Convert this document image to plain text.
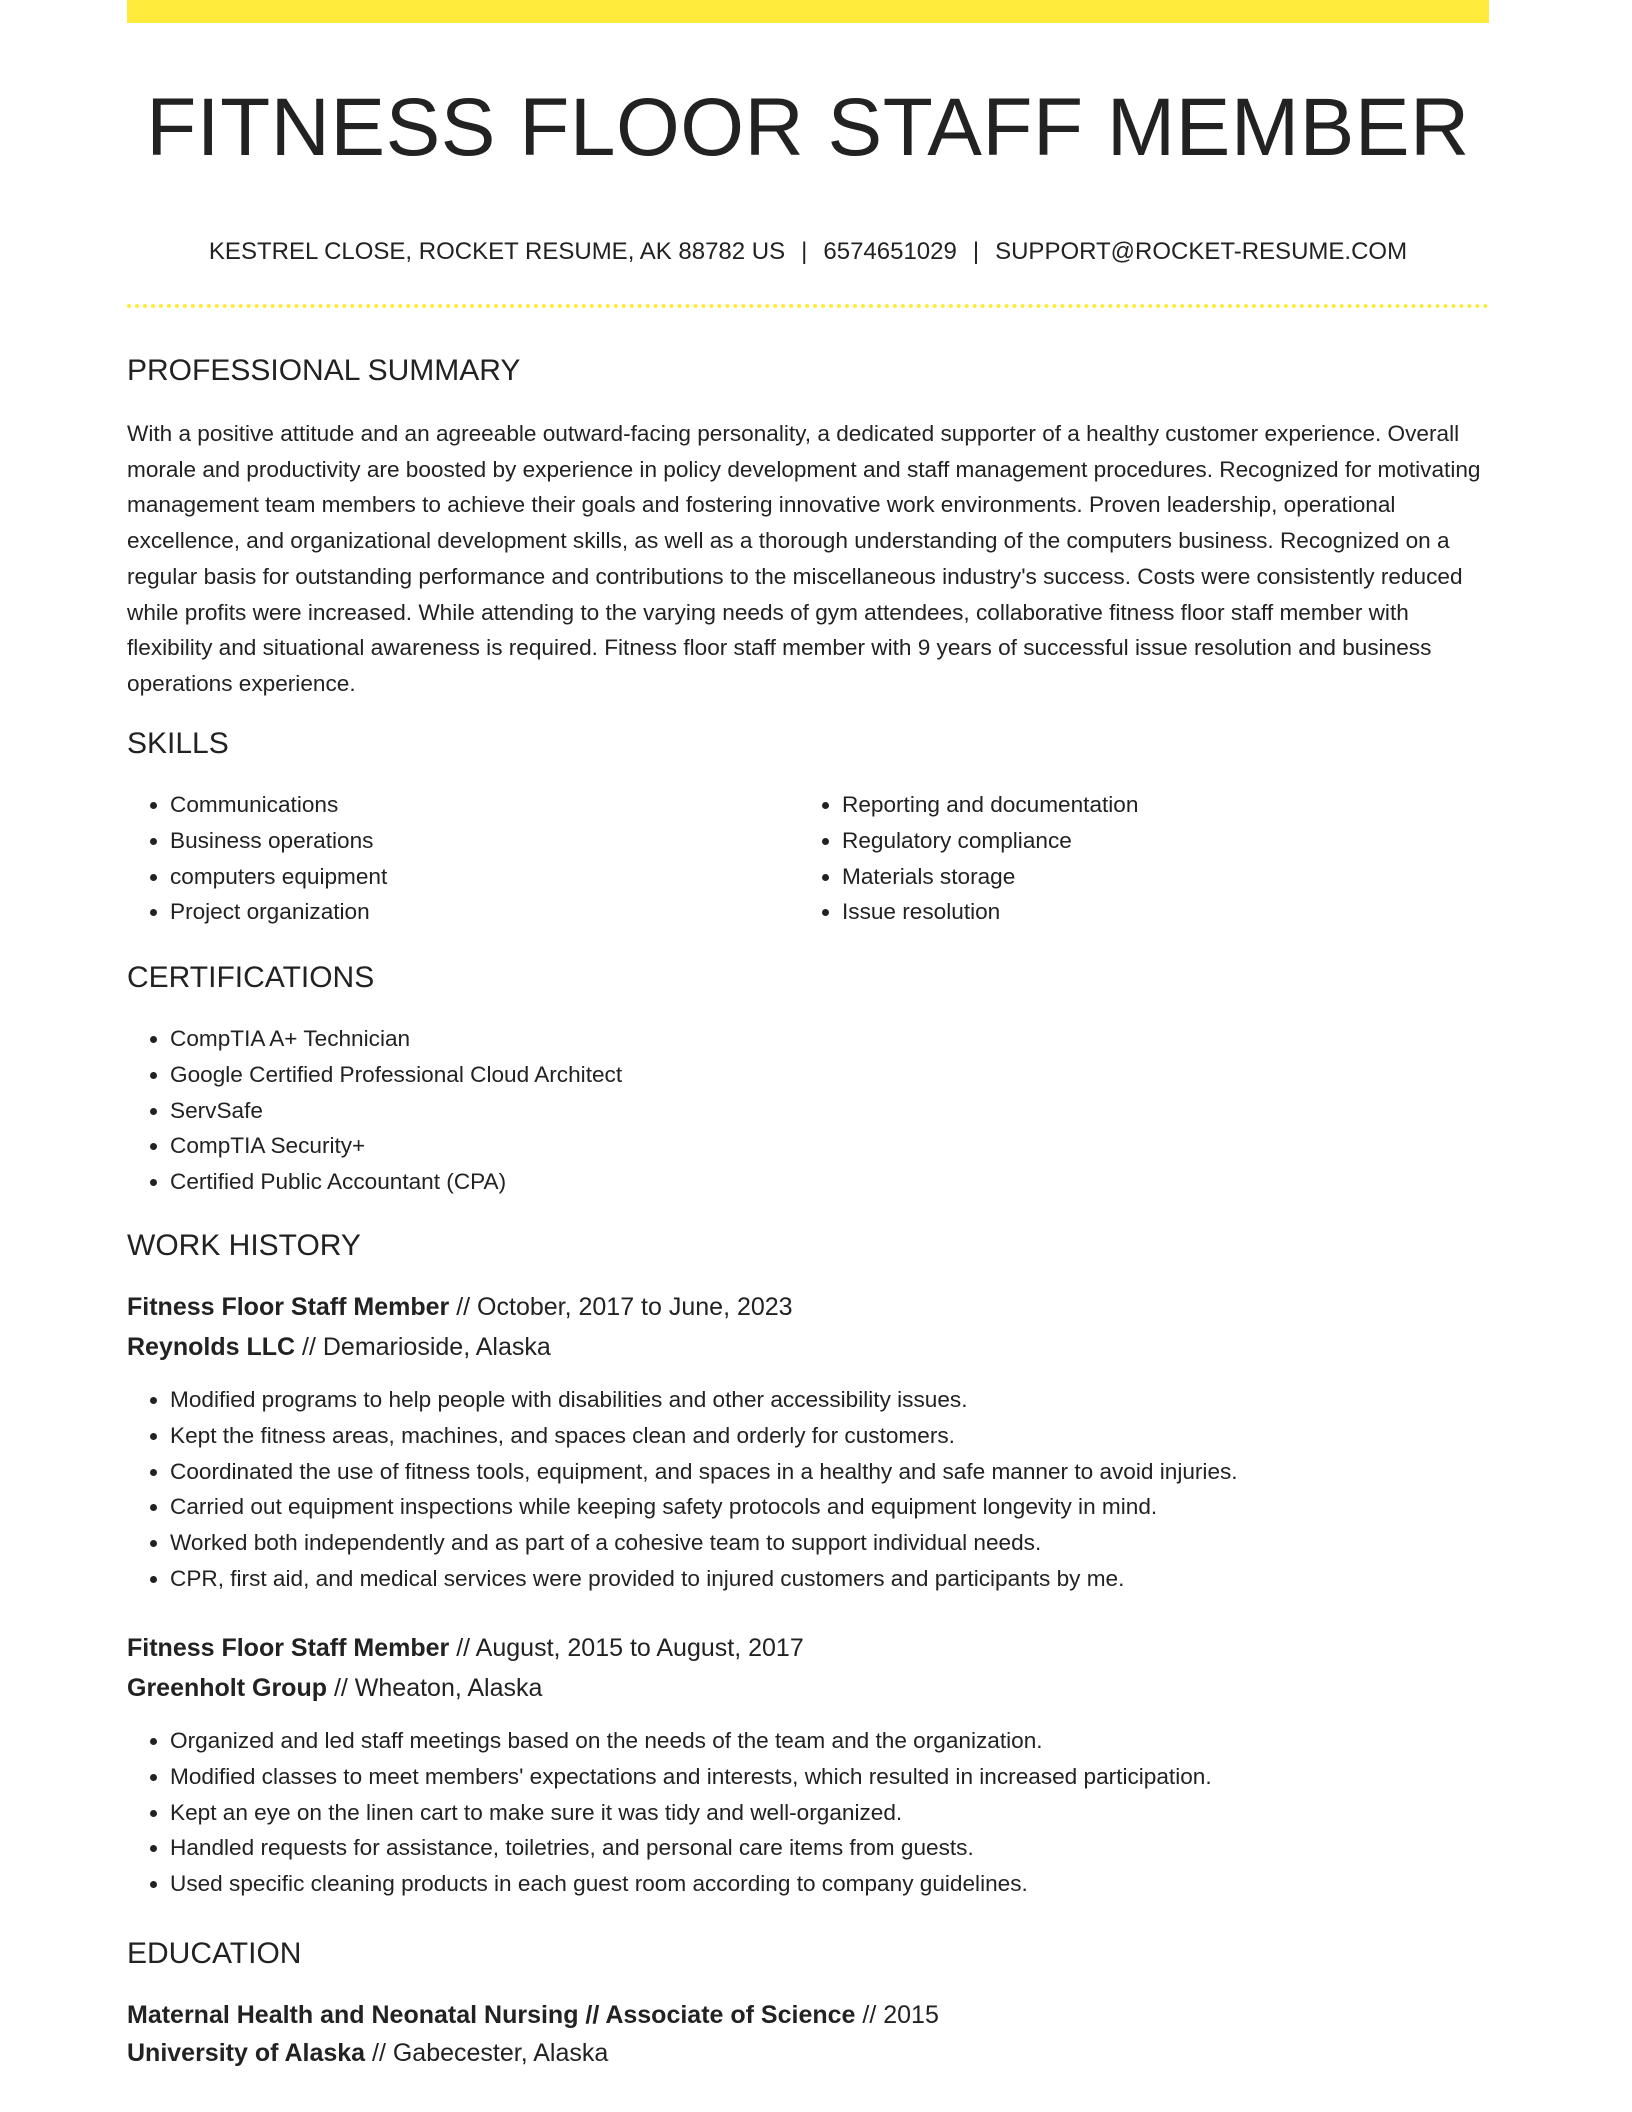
FITNESS FLOOR STAFF MEMBER
KESTREL CLOSE, ROCKET RESUME, AK 88782 US | 6574651029 | SUPPORT@ROCKET-RESUME.COM
PROFESSIONAL SUMMARY

With a positive attitude and an agreeable outward-facing personality, a dedicated supporter of a healthy customer experience. Overall morale and productivity are boosted by experience in policy development and staff management procedures. Recognized for motivating management team members to achieve their goals and fostering innovative work environments. Proven leadership, operational excellence, and organizational development skills, as well as a thorough understanding of the computers business. Recognized on a regular basis for outstanding performance and contributions to the miscellaneous industry's success. Costs were consistently reduced while profits were increased. While attending to the varying needs of gym attendees, collaborative fitness floor staff member with flexibility and situational awareness is required. Fitness floor staff member with 9 years of successful issue resolution and business operations experience.

SKILLS
• Communications
• Business operations
• computers equipment
• Project organization
• Reporting and documentation
• Regulatory compliance
• Materials storage
• Issue resolution
CERTIFICATIONS
• CompTIA A+ Technician
• Google Certified Professional Cloud Architect
• ServSafe
• CompTIA Security+
• Certified Public Accountant (CPA)
WORK HISTORY
Fitness Floor Staff Member // October, 2017 to June, 2023
Reynolds LLC // Demarioside, Alaska
• Modified programs to help people with disabilities and other accessibility issues.
• Kept the fitness areas, machines, and spaces clean and orderly for customers.
• Coordinated the use of fitness tools, equipment, and spaces in a healthy and safe manner to avoid injuries.
• Carried out equipment inspections while keeping safety protocols and equipment longevity in mind.
• Worked both independently and as part of a cohesive team to support individual needs.
• CPR, first aid, and medical services were provided to injured customers and participants by me.
Fitness Floor Staff Member // August, 2015 to August, 2017
Greenholt Group // Wheaton, Alaska
• Organized and led staff meetings based on the needs of the team and the organization.
• Modified classes to meet members' expectations and interests, which resulted in increased participation.
• Kept an eye on the linen cart to make sure it was tidy and well-organized.
• Handled requests for assistance, toiletries, and personal care items from guests.
• Used specific cleaning products in each guest room according to company guidelines.
EDUCATION
Maternal Health and Neonatal Nursing // Associate of Science // 2015
University of Alaska // Gabecester, Alaska
